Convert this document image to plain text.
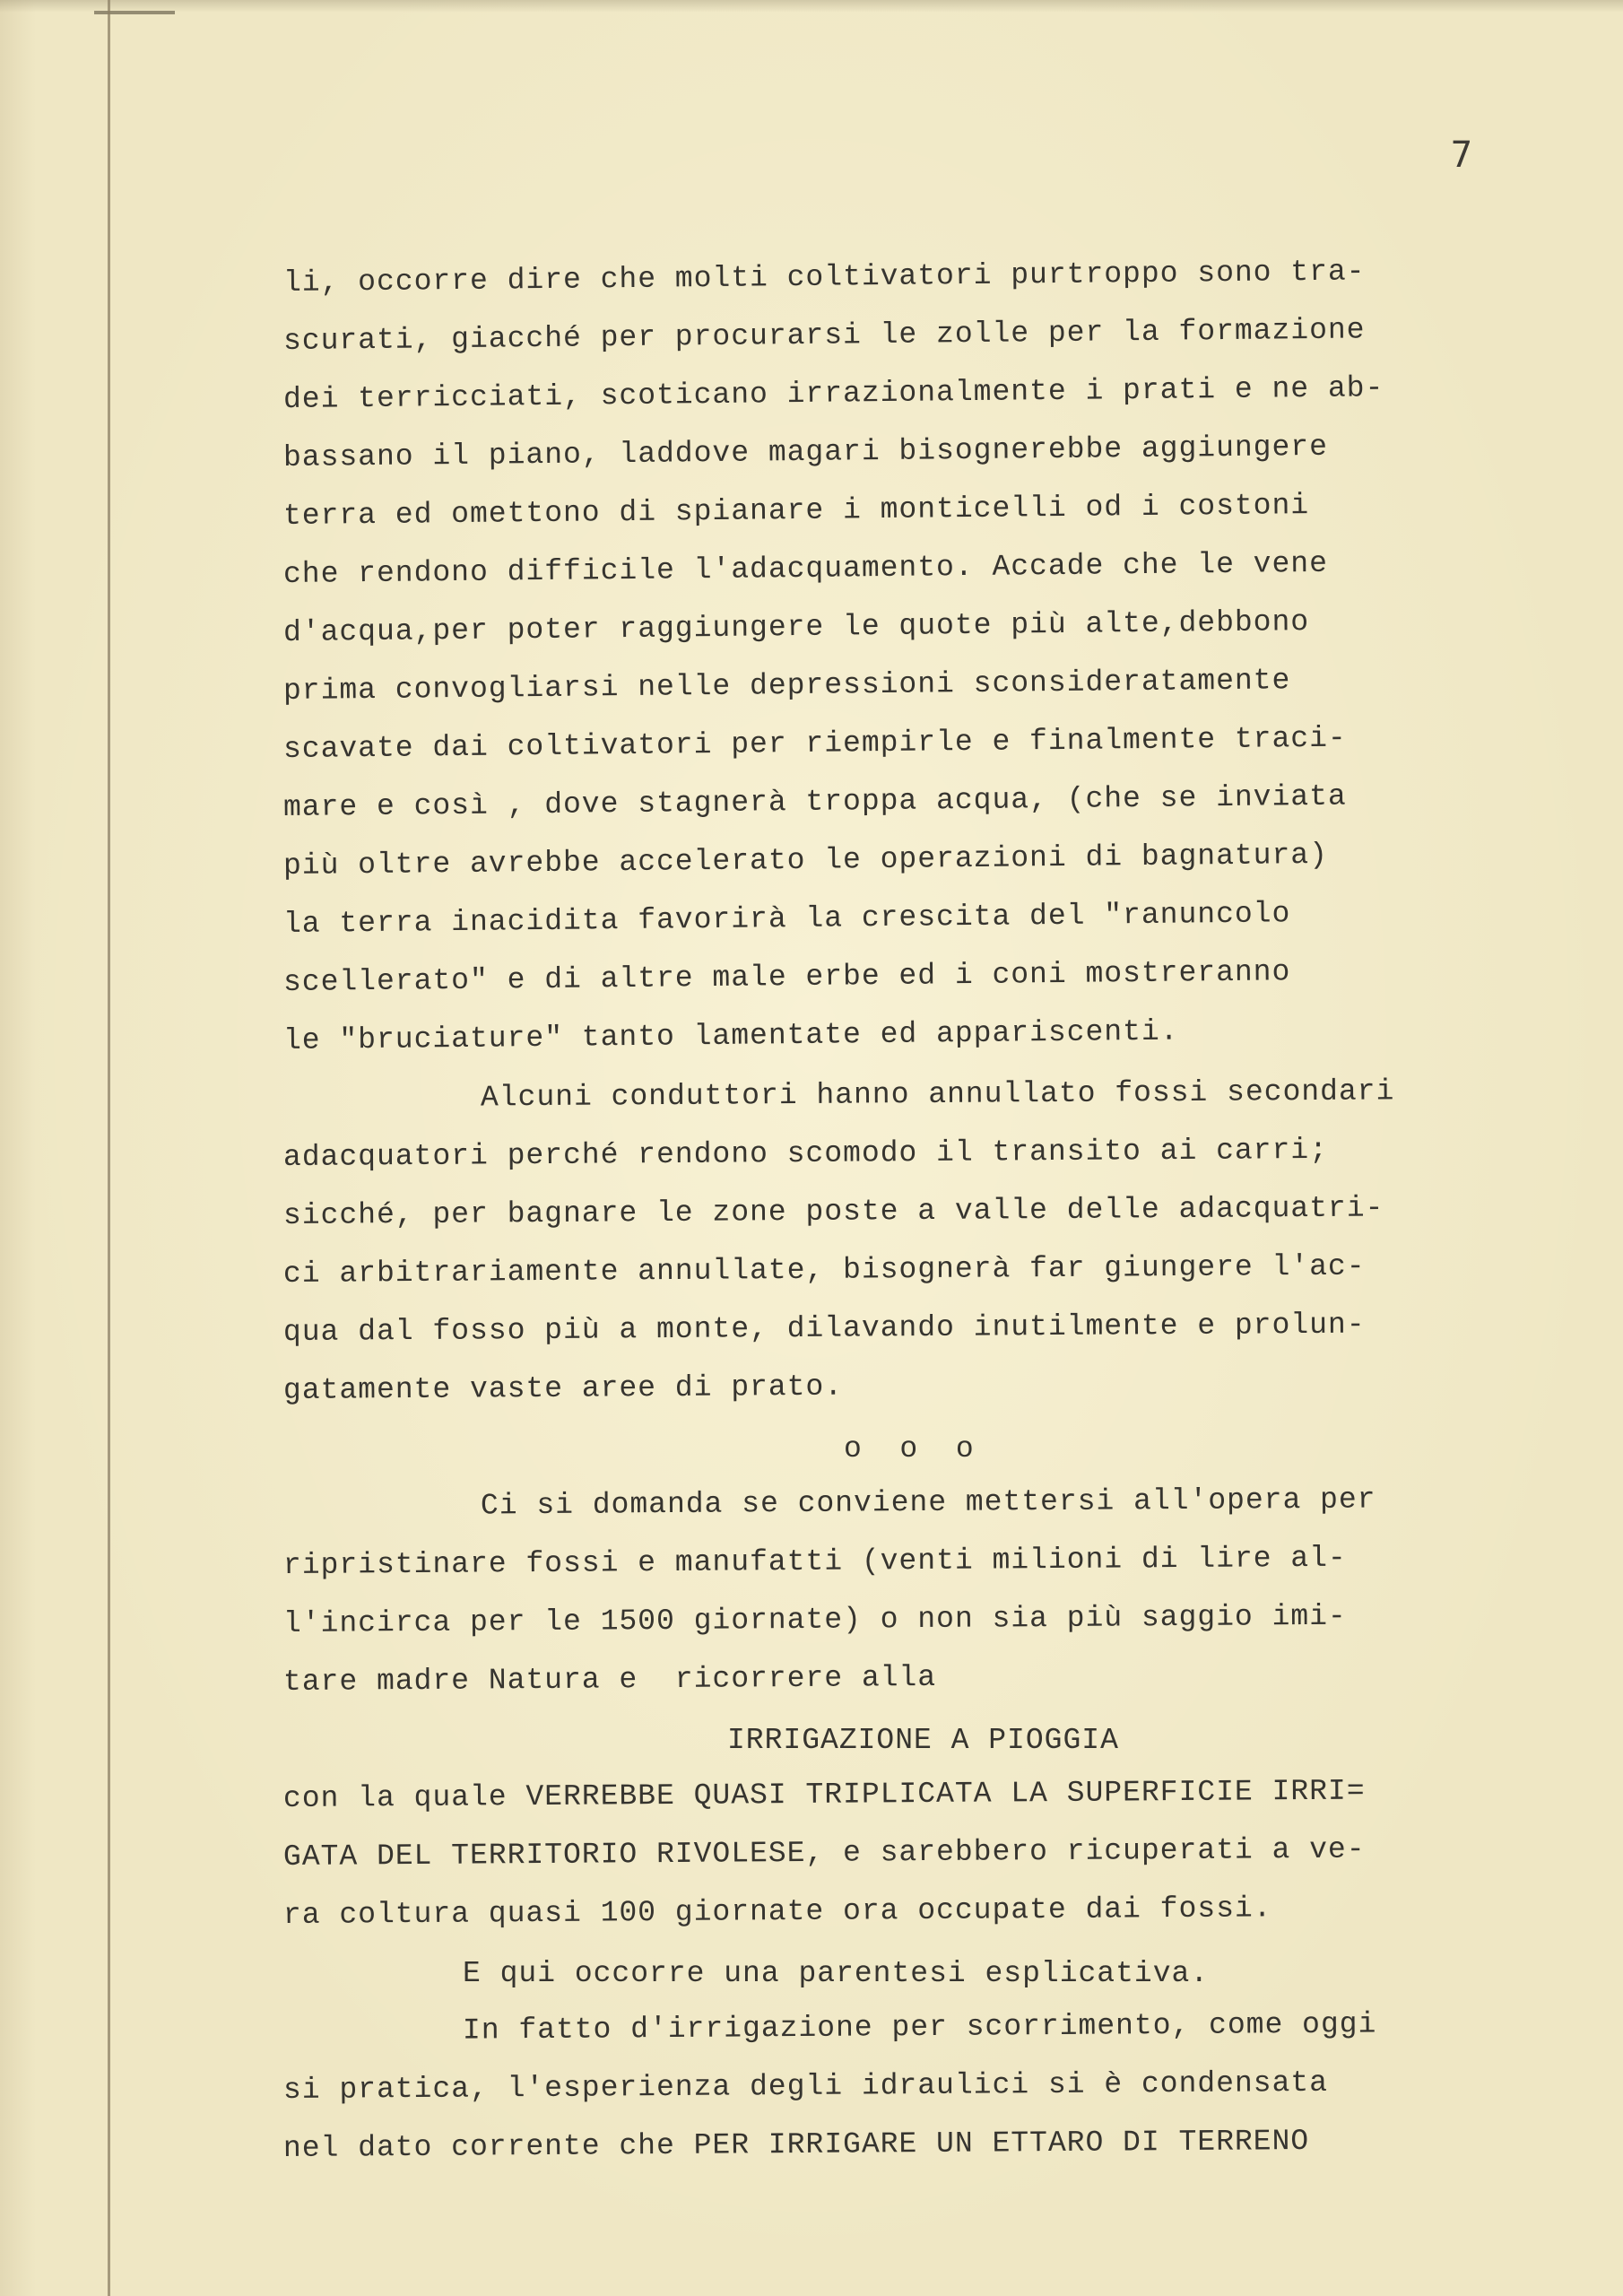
7
li, occorre dire che molti coltivatori purtroppo sono tra-
scurati, giacché per procurarsi le zolle per la formazione
dei terricciati, scoticano irrazionalmente i prati e ne ab-
bassano il piano, laddove magari bisognerebbe aggiungere
terra ed omettono di spianare i monticelli od i costoni
che rendono difficile l'adacquamento. Accade che le vene
d'acqua,per poter raggiungere le quote più alte,debbono
prima convogliarsi nelle depressioni sconsideratamente
scavate dai coltivatori per riempirle e finalmente traci-
mare e così , dove stagnerà troppa acqua, (che se inviata
più oltre avrebbe accelerato le operazioni di bagnatura)
la terra inacidita favorirà la crescita del "ranuncolo
scellerato" e di altre male erbe ed i coni mostreranno
le "bruciature" tanto lamentate ed appariscenti.
Alcuni conduttori hanno annullato fossi secondari
adacquatori perché rendono scomodo il transito ai carri;
sicché, per bagnare le zone poste a valle delle adacquatri-
ci arbitrariamente annullate, bisognerà far giungere l'ac-
qua dal fosso più a monte, dilavando inutilmente e prolun-
gatamente vaste aree di prato.
o  o  o
Ci si domanda se conviene mettersi all'opera per
ripristinare fossi e manufatti (venti milioni di lire al-
l'incirca per le 1500 giornate) o non sia più saggio imi-
tare madre Natura e  ricorrere alla
IRRIGAZIONE A PIOGGIA
con la quale VERREBBE QUASI TRIPLICATA LA SUPERFICIE IRRI=
GATA DEL TERRITORIO RIVOLESE, e sarebbero ricuperati a ve-
ra coltura quasi 100 giornate ora occupate dai fossi.
E qui occorre una parentesi esplicativa.
In fatto d'irrigazione per scorrimento, come oggi
si pratica, l'esperienza degli idraulici si è condensata
nel dato corrente che PER IRRIGARE UN ETTARO DI TERRENO
